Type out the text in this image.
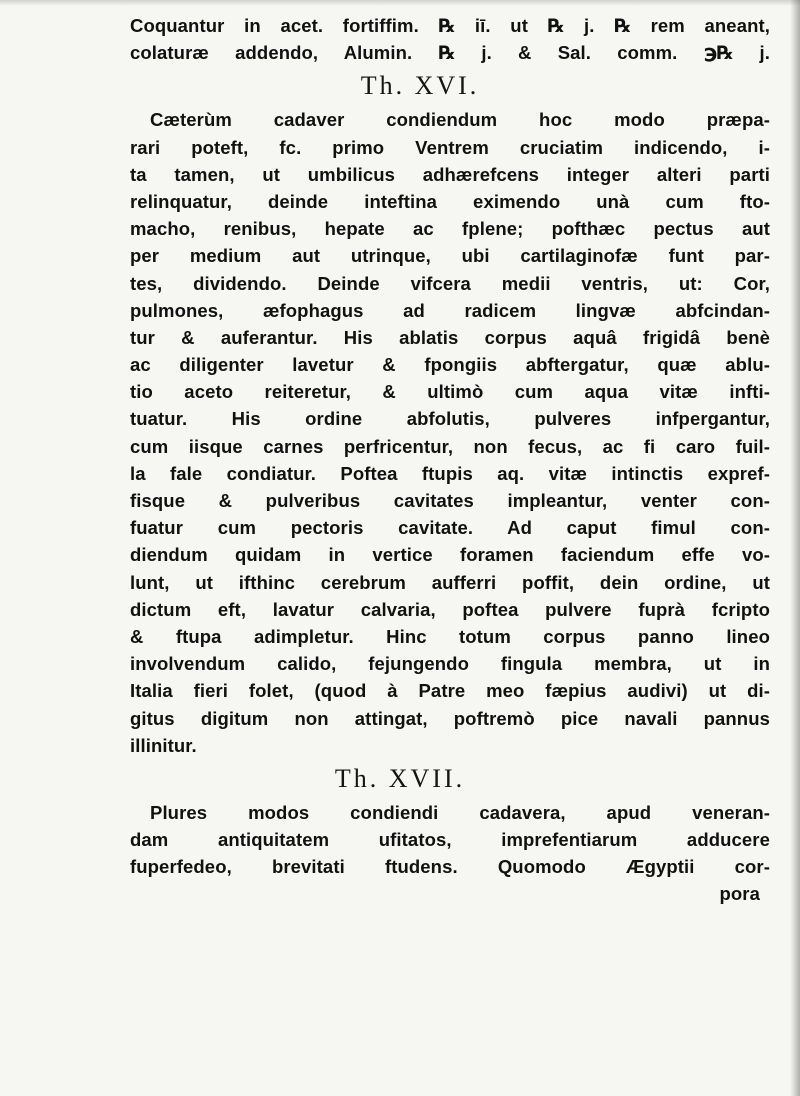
Coquantur in acet. fortiffim. ℞ iī. ut ℞ j. ℞ rem aneant,
colaturæ addendo, Alumin. ℞ j. & Sal. comm. ℈℞ j.
Th. XVI.
Cæterùm cadaver condiendum hoc modo præpa-
rari poteft, fc. primo Ventrem cruciatim indicendo, i-
ta tamen, ut umbilicus adhærefcens integer alteri parti
relinquatur, deinde inteftina eximendo unà cum fto-
macho, renibus, hepate ac fplene; pofthæc pectus aut
per medium aut utrinque, ubi cartilaginofæ funt par-
tes, dividendo. Deinde vifcera medii ventris, ut: Cor,
pulmones, æfophagus ad radicem lingvæ abfcindan-
tur & auferantur. His ablatis corpus aquâ frigidâ benè
ac diligenter lavetur & fpongiis abftergatur, quæ ablu-
tio aceto reiteretur, & ultimò cum aqua vitæ infti-
tuatur. His ordine abfolutis, pulveres infpergantur,
cum iisque carnes perfricentur, non fecus, ac fi caro fuil-
la fale condiatur. Poftea ftupis aq. vitæ intinctis expref-
fisque & pulveribus cavitates impleantur, venter con-
fuatur cum pectoris cavitate. Ad caput fimul con-
diendum quidam in vertice foramen faciendum effe vo-
lunt, ut ifthinc cerebrum aufferri poffit, dein ordine, ut
dictum eft, lavatur calvaria, poftea pulvere fuprà fcripto
& ftupa adimpletur. Hinc totum corpus panno lineo
involvendum calido, fejungendo fingula membra, ut in
Italia fieri folet, (quod à Patre meo fæpius audivi) ut di-
gitus digitum non attingat, poftremò pice navali pannus
illinitur.
Th. XVII.
Plures modos condiendi cadavera, apud veneran-
dam antiquitatem ufitatos, imprefentiarum adducere
fuperfedeo, brevitati ftudens. Quomodo Ægyptii cor-
pora
